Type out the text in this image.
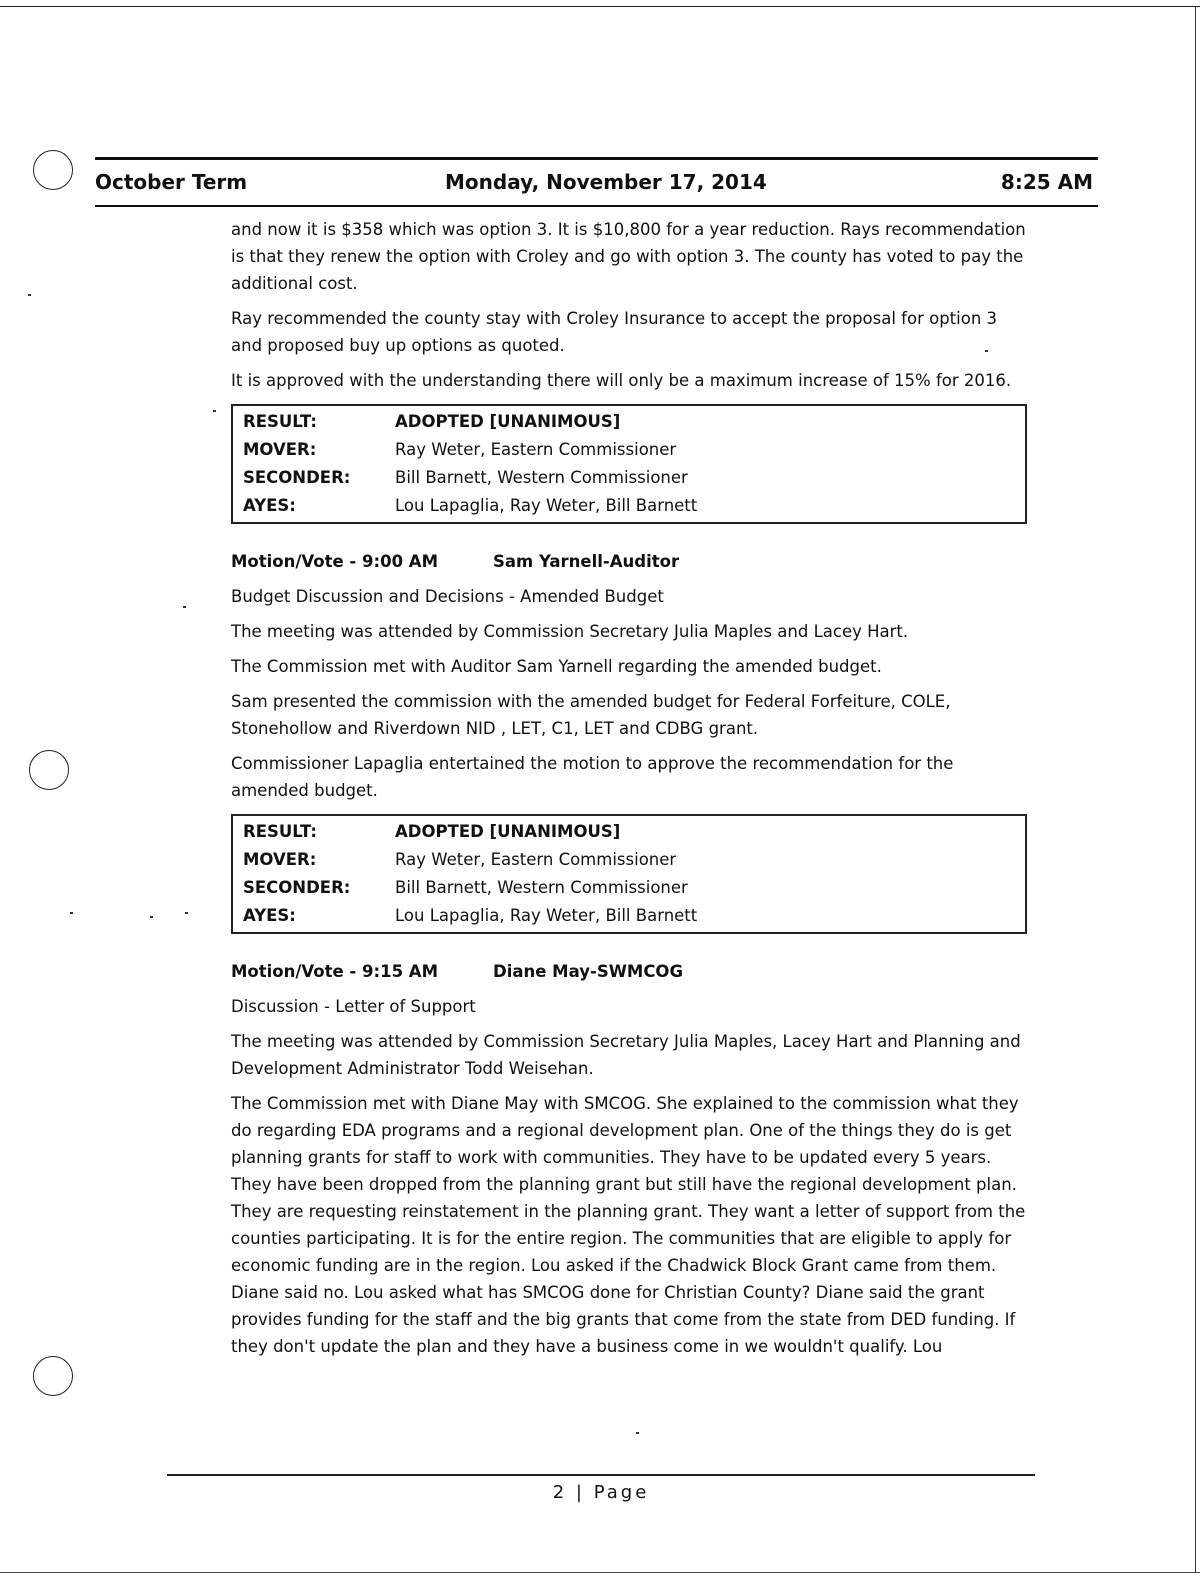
October Term	Monday, November 17, 2014	8:25 AM

and now it is $358 which was option 3. It is $10,800 for a year reduction. Rays recommendation is that they renew the option with Croley and go with option 3. The county has voted to pay the additional cost.

Ray recommended the county stay with Croley Insurance to accept the proposal for option 3 and proposed buy up options as quoted.

It is approved with the understanding there will only be a maximum increase of 15% for 2016.

RESULT:	ADOPTED [UNANIMOUS]
MOVER:	Ray Weter, Eastern Commissioner
SECONDER:	Bill Barnett, Western Commissioner
AYES:	Lou Lapaglia, Ray Weter, Bill Barnett

Motion/Vote - 9:00 AM	Sam Yarnell-Auditor

Budget Discussion and Decisions - Amended Budget

The meeting was attended by Commission Secretary Julia Maples and Lacey Hart.

The Commission met with Auditor Sam Yarnell regarding the amended budget.

Sam presented the commission with the amended budget for Federal Forfeiture, COLE, Stonehollow and Riverdown NID , LET, C1, LET and CDBG grant.

Commissioner Lapaglia entertained the motion to approve the recommendation for the amended budget.

RESULT:	ADOPTED [UNANIMOUS]
MOVER:	Ray Weter, Eastern Commissioner
SECONDER:	Bill Barnett, Western Commissioner
AYES:	Lou Lapaglia, Ray Weter, Bill Barnett

Motion/Vote - 9:15 AM	Diane May-SWMCOG

Discussion - Letter of Support

The meeting was attended by Commission Secretary Julia Maples, Lacey Hart and Planning and Development Administrator Todd Weisehan.

The Commission met with Diane May with SMCOG. She explained to the commission what they do regarding EDA programs and a regional development plan. One of the things they do is get planning grants for staff to work with communities. They have to be updated every 5 years. They have been dropped from the planning grant but still have the regional development plan. They are requesting reinstatement in the planning grant. They want a letter of support from the counties participating. It is for the entire region. The communities that are eligible to apply for economic funding are in the region. Lou asked if the Chadwick Block Grant came from them. Diane said no. Lou asked what has SMCOG done for Christian County? Diane said the grant provides funding for the staff and the big grants that come from the state from DED funding. If they don't update the plan and they have a business come in we wouldn't qualify. Lou

2 | Page
